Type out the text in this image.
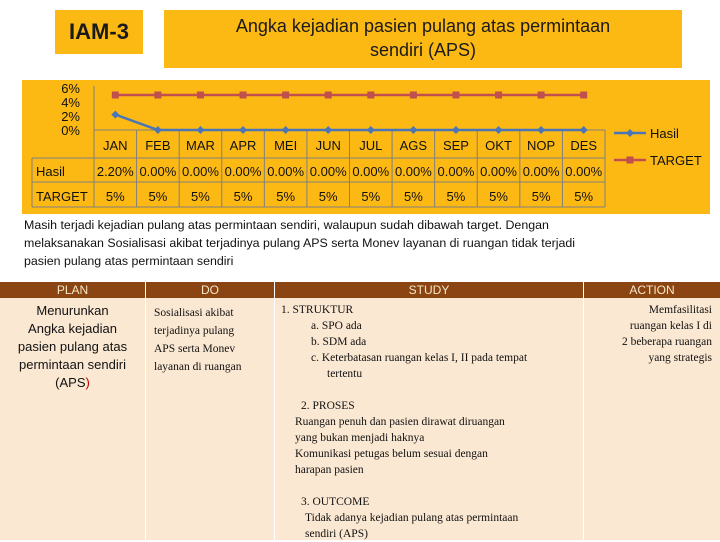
IAM-3	Angka kejadian pasien pulang atas permintaan
sendiri (APS)
6%
4%
2%
0%
JAN FEB MAR APR MEI JUN JUL AGS SEP OKT NOP DES
Hasil 2.20% 0.00% 0.00% 0.00% 0.00% 0.00% 0.00% 0.00% 0.00% 0.00% 0.00% 0.00%
TARGET 5% 5% 5% 5% 5% 5% 5% 5% 5% 5% 5% 5%
Hasil
TARGET
Masih terjadi kejadian pulang atas permintaan sendiri, walaupun sudah dibawah target. Dengan
melaksanakan Sosialisasi akibat terjadinya pulang APS serta Monev layanan di ruangan tidak terjadi
pasien pulang atas permintaan sendiri
PLAN	DO	STUDY	ACTION
Menurunkan
Angka kejadian
pasien pulang atas
permintaan sendiri
(APS)
Sosialisasi akibat
terjadinya pulang
APS serta Monev
layanan di ruangan
1. STRUKTUR
a. SPO ada
b. SDM ada
c. Keterbatasan ruangan kelas I, II pada tempat
tertentu
2. PROSES
Ruangan penuh dan pasien dirawat diruangan
yang bukan menjadi haknya
Komunikasi petugas belum sesuai dengan
harapan pasien
3. OUTCOME
Tidak adanya kejadian pulang atas permintaan
sendiri (APS)
Memfasilitasi
ruangan kelas I di
2 beberapa ruangan
yang strategis
